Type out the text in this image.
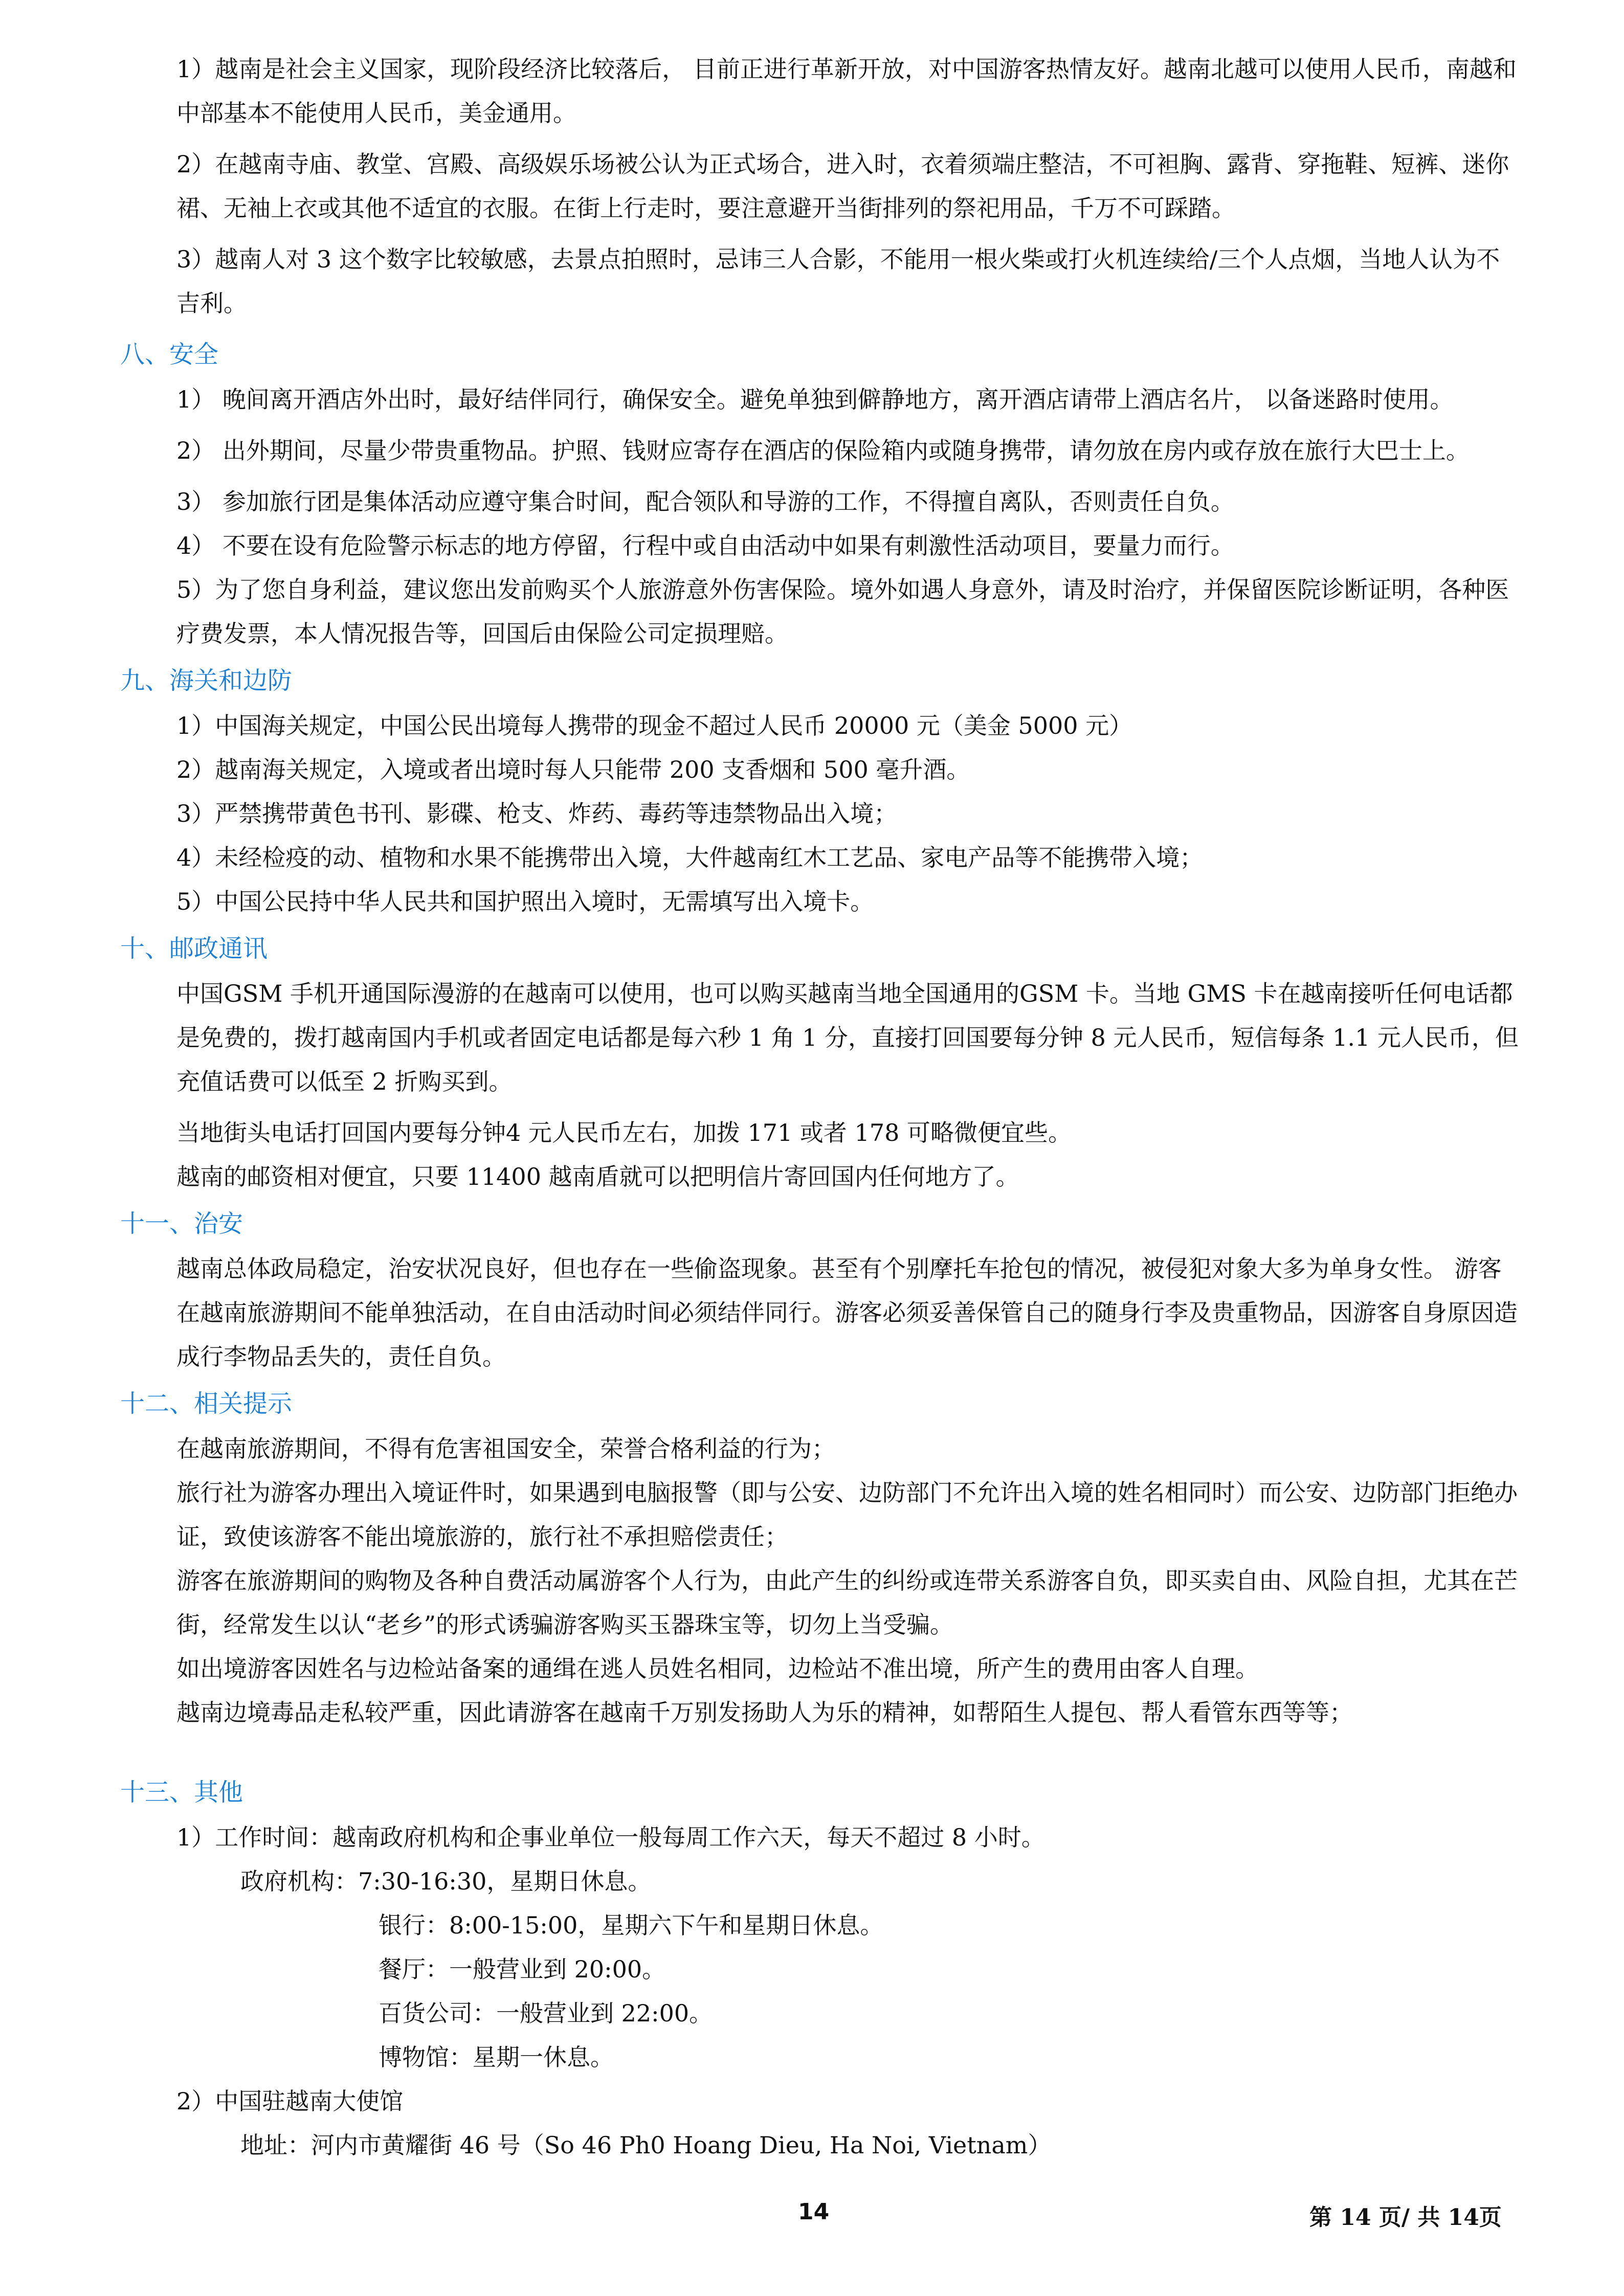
1）越南是社会主义国家，现阶段经济比较落后， 目前正进行革新开放，对中国游客热情友好。越南北越可以使用人民币，南越和中部基本不能使用人民币，美金通用。

2）在越南寺庙、教堂、宫殿、高级娱乐场被公认为正式场合，进入时，衣着须端庄整洁，不可袒胸、露背、穿拖鞋、短裤、迷你裙、无袖上衣或其他不适宜的衣服。在街上行走时，要注意避开当街排列的祭祀用品，千万不可踩踏。

3）越南人对 3 这个数字比较敏感，去景点拍照时，忌讳三人合影，不能用一根火柴或打火机连续给/三个人点烟，当地人认为不吉利。

八、安全

1） 晚间离开酒店外出时，最好结伴同行，确保安全。避免单独到僻静地方，离开酒店请带上酒店名片， 以备迷路时使用。

2） 出外期间，尽量少带贵重物品。护照、钱财应寄存在酒店的保险箱内或随身携带，请勿放在房内或存放在旅行大巴士上。

3） 参加旅行团是集体活动应遵守集合时间，配合领队和导游的工作，不得擅自离队，否则责任自负。

4） 不要在设有危险警示标志的地方停留，行程中或自由活动中如果有刺激性活动项目，要量力而行。

5）为了您自身利益，建议您出发前购买个人旅游意外伤害保险。境外如遇人身意外，请及时治疗，并保留医院诊断证明，各种医疗费发票，本人情况报告等，回国后由保险公司定损理赔。

九、海关和边防

1）中国海关规定，中国公民出境每人携带的现金不超过人民币 20000 元（美金 5000 元）

2）越南海关规定，入境或者出境时每人只能带 200 支香烟和 500 毫升酒。

3）严禁携带黄色书刊、影碟、枪支、炸药、毒药等违禁物品出入境；

4）未经检疫的动、植物和水果不能携带出入境，大件越南红木工艺品、家电产品等不能携带入境；

5）中国公民持中华人民共和国护照出入境时，无需填写出入境卡。

十、邮政通讯

中国GSM 手机开通国际漫游的在越南可以使用，也可以购买越南当地全国通用的GSM 卡。当地 GMS 卡在越南接听任何电话都是免费的，拨打越南国内手机或者固定电话都是每六秒 1 角 1 分，直接打回国要每分钟 8 元人民币，短信每条 1.1 元人民币，但充值话费可以低至 2 折购买到。

当地街头电话打回国内要每分钟4 元人民币左右，加拨 171 或者 178 可略微便宜些。

越南的邮资相对便宜，只要 11400 越南盾就可以把明信片寄回国内任何地方了。

十一、治安

越南总体政局稳定，治安状况良好，但也存在一些偷盗现象。甚至有个别摩托车抢包的情况，被侵犯对象大多为单身女性。 游客在越南旅游期间不能单独活动，在自由活动时间必须结伴同行。游客必须妥善保管自己的随身行李及贵重物品，因游客自身原因造成行李物品丢失的，责任自负。

十二、相关提示

在越南旅游期间，不得有危害祖国安全，荣誉合格利益的行为；

旅行社为游客办理出入境证件时，如果遇到电脑报警（即与公安、边防部门不允许出入境的姓名相同时）而公安、边防部门拒绝办证，致使该游客不能出境旅游的，旅行社不承担赔偿责任；

游客在旅游期间的购物及各种自费活动属游客个人行为，由此产生的纠纷或连带关系游客自负，即买卖自由、风险自担，尤其在芒街，经常发生以认“老乡”的形式诱骗游客购买玉器珠宝等，切勿上当受骗。

如出境游客因姓名与边检站备案的通缉在逃人员姓名相同，边检站不准出境，所产生的费用由客人自理。

越南边境毒品走私较严重，因此请游客在越南千万别发扬助人为乐的精神，如帮陌生人提包、帮人看管东西等等；

十三、其他

1）工作时间：越南政府机构和企事业单位一般每周工作六天，每天不超过 8 小时。

政府机构：7:30-16:30，星期日休息。

银行：8:00-15:00，星期六下午和星期日休息。

餐厅：一般营业到 20:00。

百货公司：一般营业到 22:00。

博物馆：星期一休息。

2）中国驻越南大使馆

地址：河内市黄耀街 46 号（So 46 Ph0 Hoang Dieu, Ha Noi, Vietnam）

14	第 14 页/ 共 14页
